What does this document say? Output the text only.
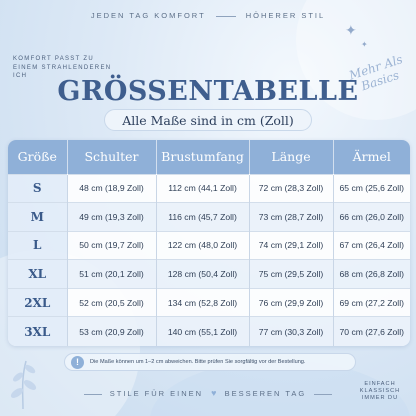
JEDEN TAG KOMFORT	HÖHERER STIL
KOMFORT PASST ZU EINEM STRAHLENDEREN ICH	Mehr Als Basics
✦
✦
GRÖSSENTABELLE
Alle Maße sind in cm (Zoll)
Größe	Schulter	Brustumfang	Länge	Ärmel
S	48 cm (18,9 Zoll)	112 cm (44,1 Zoll)	72 cm (28,3 Zoll)	65 cm (25,6 Zoll)
M	49 cm (19,3 Zoll)	116 cm (45,7 Zoll)	73 cm (28,7 Zoll)	66 cm (26,0 Zoll)
L	50 cm (19,7 Zoll)	122 cm (48,0 Zoll)	74 cm (29,1 Zoll)	67 cm (26,4 Zoll)
XL	51 cm (20,1 Zoll)	128 cm (50,4 Zoll)	75 cm (29,5 Zoll)	68 cm (26,8 Zoll)
2XL	52 cm (20,5 Zoll)	134 cm (52,8 Zoll)	76 cm (29,9 Zoll)	69 cm (27,2 Zoll)
3XL	53 cm (20,9 Zoll)	140 cm (55,1 Zoll)	77 cm (30,3 Zoll)	70 cm (27,6 Zoll)
!	Die Maße können um 1–2 cm abweichen. Bitte prüfen Sie sorgfältig vor der Bestellung.
STILE FÜR EINEN ♥ BESSEREN TAG
EINFACH KLASSISCH IMMER DU
